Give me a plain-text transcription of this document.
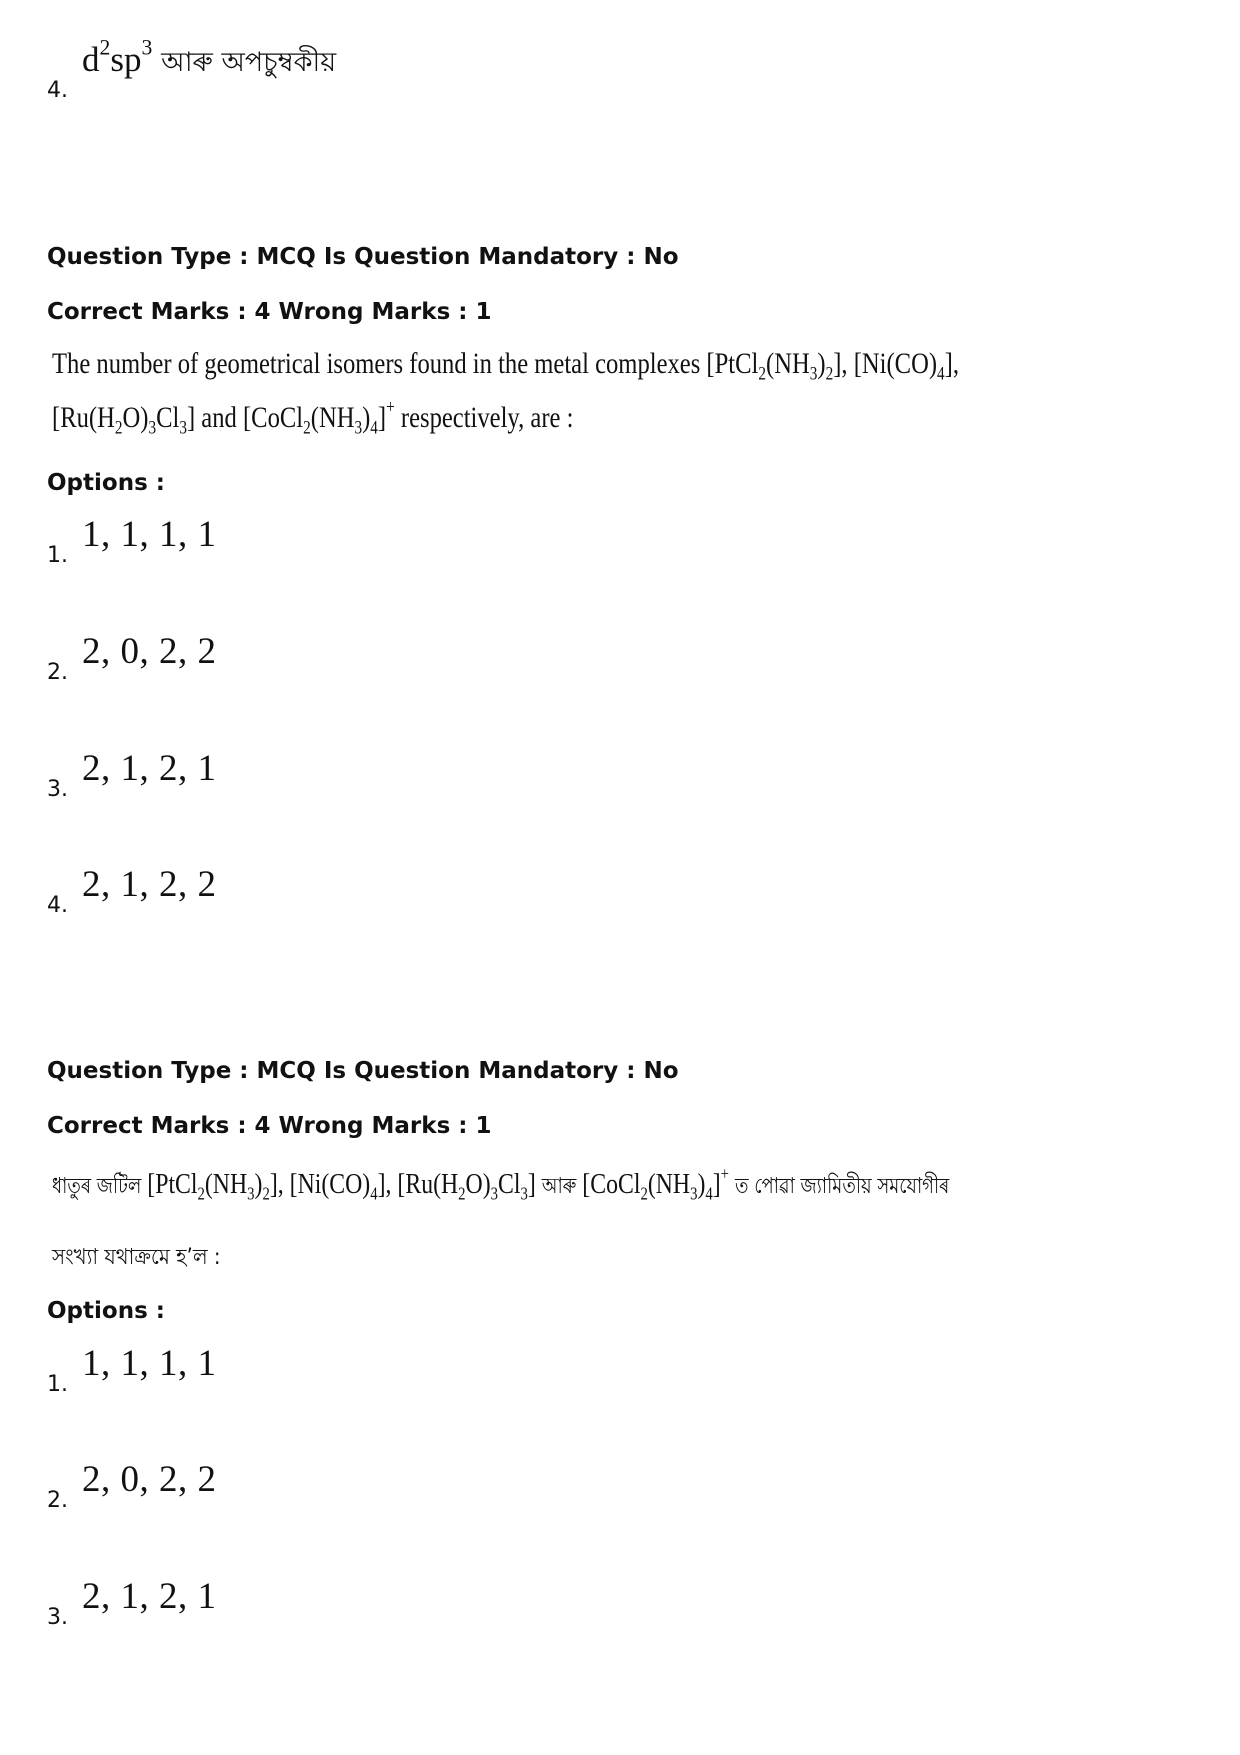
4.
$d^2sp^3$ আৰু অপচুম্বকীয়
Question Type : MCQ Is Question Mandatory : No
Correct Marks : 4 Wrong Marks : 1
The number of geometrical isomers found in the metal complexes $[PtCl_2(NH_3)_2]$, $[Ni(CO)_4]$,
$[Ru(H_2O)_3Cl_3]$ and $[CoCl_2(NH_3)_4]^+$ respectively, are :
Options :
1.
1, 1, 1, 1
2.
2, 0, 2, 2
3.
2, 1, 2, 1
4.
2, 1, 2, 2
Question Type : MCQ Is Question Mandatory : No
Correct Marks : 4 Wrong Marks : 1
ধাতুৰ জটিল $[PtCl_2(NH_3)_2]$, $[Ni(CO)_4]$, $[Ru(H_2O)_3Cl_3]$ আৰু $[CoCl_2(NH_3)_4]^+$ ত পোৱা জ্যামিতীয় সমযোগীৰ
সংখ্যা যথাক্ৰমে হ’ল :
Options :
1.
1, 1, 1, 1
2.
2, 0, 2, 2
3.
2, 1, 2, 1
